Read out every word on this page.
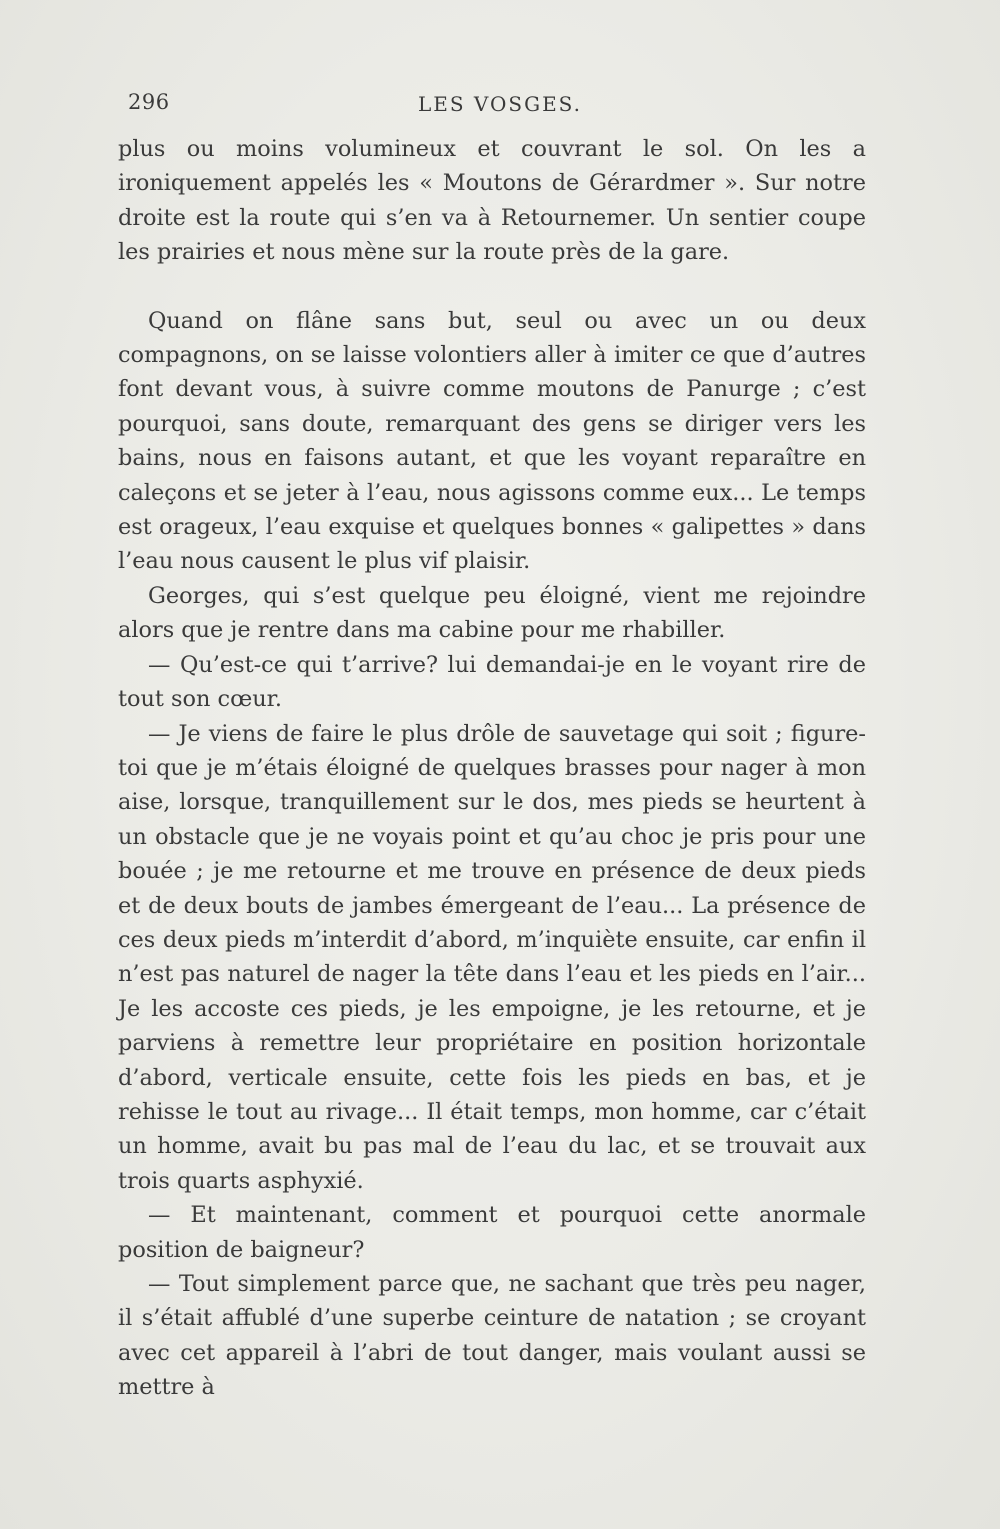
296	LES VOSGES.

plus ou moins volumineux et couvrant le sol. On les a ironiquement appelés les « Moutons de Gérardmer ». Sur notre droite est la route qui s’en va à Retournemer. Un sentier coupe les prairies et nous mène sur la route près de la gare.

Quand on flâne sans but, seul ou avec un ou deux compagnons, on se laisse volontiers aller à imiter ce que d’autres font devant vous, à suivre comme moutons de Panurge ; c’est pourquoi, sans doute, remarquant des gens se diriger vers les bains, nous en faisons autant, et que les voyant reparaître en caleçons et se jeter à l’eau, nous agissons comme eux... Le temps est orageux, l’eau exquise et quelques bonnes « galipettes » dans l’eau nous causent le plus vif plaisir.

Georges, qui s’est quelque peu éloigné, vient me rejoindre alors que je rentre dans ma cabine pour me rhabiller.

— Qu’est-ce qui t’arrive? lui demandai-je en le voyant rire de tout son cœur.

— Je viens de faire le plus drôle de sauvetage qui soit ; figure-toi que je m’étais éloigné de quelques brasses pour nager à mon aise, lorsque, tranquillement sur le dos, mes pieds se heurtent à un obstacle que je ne voyais point et qu’au choc je pris pour une bouée ; je me retourne et me trouve en présence de deux pieds et de deux bouts de jambes émergeant de l’eau... La présence de ces deux pieds m’interdit d’abord, m’inquiète ensuite, car enfin il n’est pas naturel de nager la tête dans l’eau et les pieds en l’air... Je les accoste ces pieds, je les empoigne, je les retourne, et je parviens à remettre leur propriétaire en position horizontale d’abord, verticale ensuite, cette fois les pieds en bas, et je rehisse le tout au rivage... Il était temps, mon homme, car c’était un homme, avait bu pas mal de l’eau du lac, et se trouvait aux trois quarts asphyxié.

— Et maintenant, comment et pourquoi cette anormale position de baigneur?

— Tout simplement parce que, ne sachant que très peu nager, il s’était affublé d’une superbe ceinture de natation ; se croyant avec cet appareil à l’abri de tout danger, mais voulant aussi se mettre à
